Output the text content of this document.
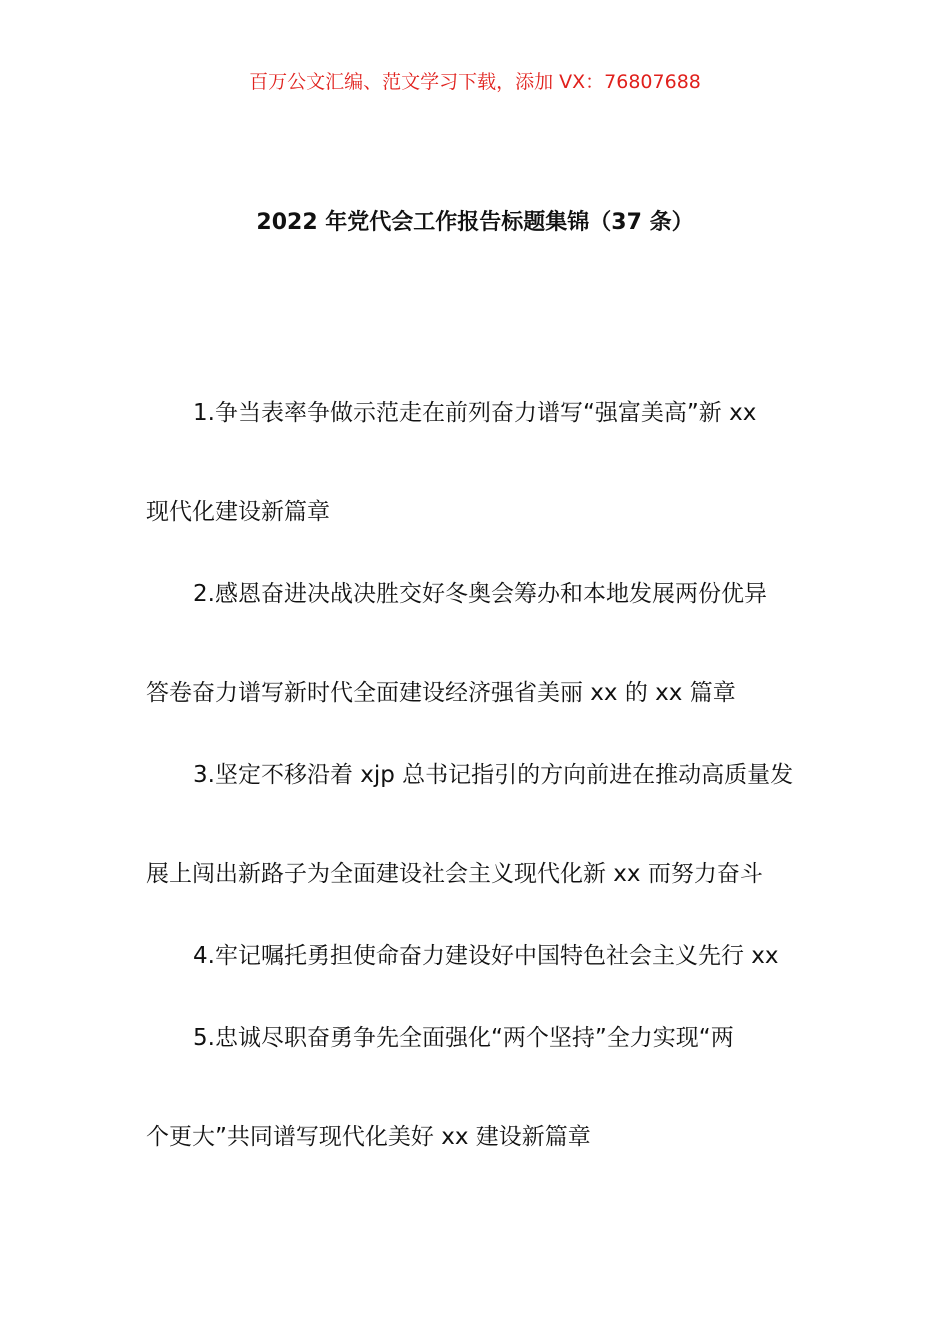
百万公文汇编、范文学习下载，添加 VX：76807688
2022 年党代会工作报告标题集锦（37 条）
1.争当表率争做示范走在前列奋力谱写“强富美高”新 xx
现代化建设新篇章
2.感恩奋进决战决胜交好冬奥会筹办和本地发展两份优异
答卷奋力谱写新时代全面建设经济强省美丽 xx 的 xx 篇章
3.坚定不移沿着 xjp 总书记指引的方向前进在推动高质量发
展上闯出新路子为全面建设社会主义现代化新 xx 而努力奋斗
4.牢记嘱托勇担使命奋力建设好中国特色社会主义先行 xx
5.忠诚尽职奋勇争先全面强化“两个坚持”全力实现“两
个更大”共同谱写现代化美好 xx 建设新篇章
